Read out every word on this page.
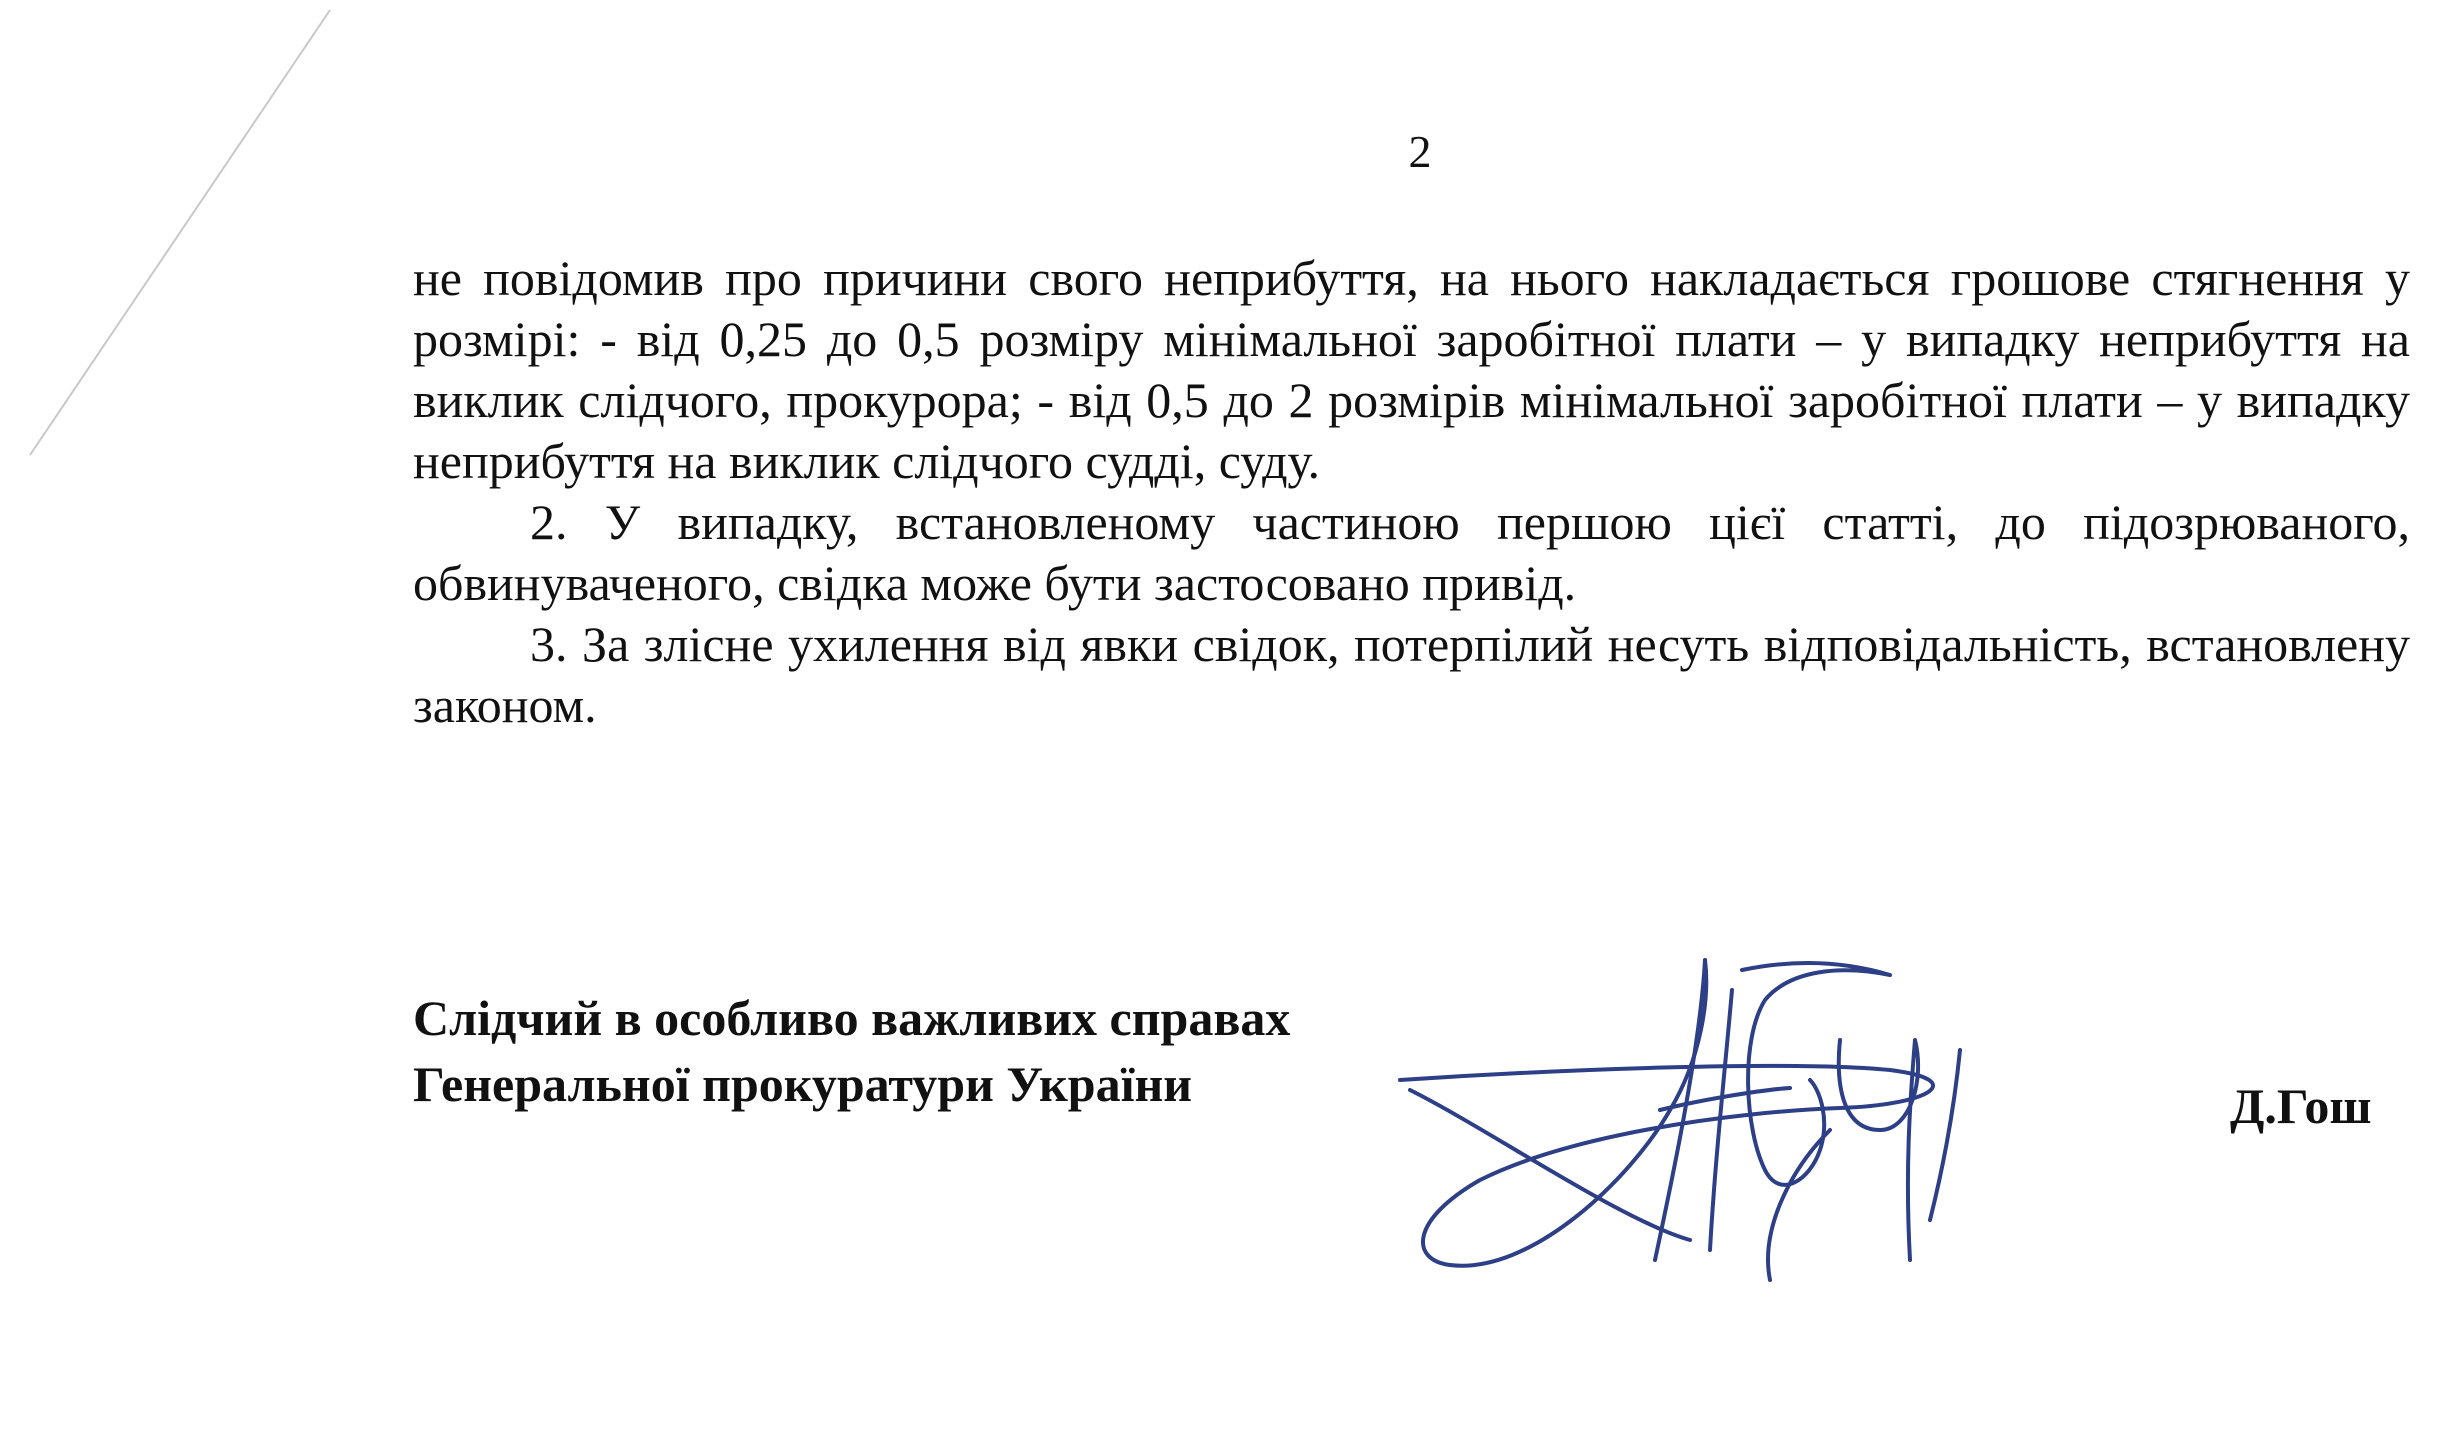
2

не повідомив про причини свого неприбуття, на нього накладається грошове стягнення у розмірі: - від 0,25 до 0,5 розміру мінімальної заробітної плати – у випадку неприбуття на виклик слідчого, прокурора; - від 0,5 до 2 розмірів мінімальної заробітної плати – у випадку неприбуття на виклик слідчого судді, суду.

2. У випадку, встановленому частиною першою цієї статті, до підозрюваного, обвинуваченого, свідка може бути застосовано привід.

3. За злісне ухилення від явки свідок, потерпілий несуть відповідальність, встановлену законом.

Слідчий в особливо важливих справах
Генеральної прокуратури України	Д.Гош
